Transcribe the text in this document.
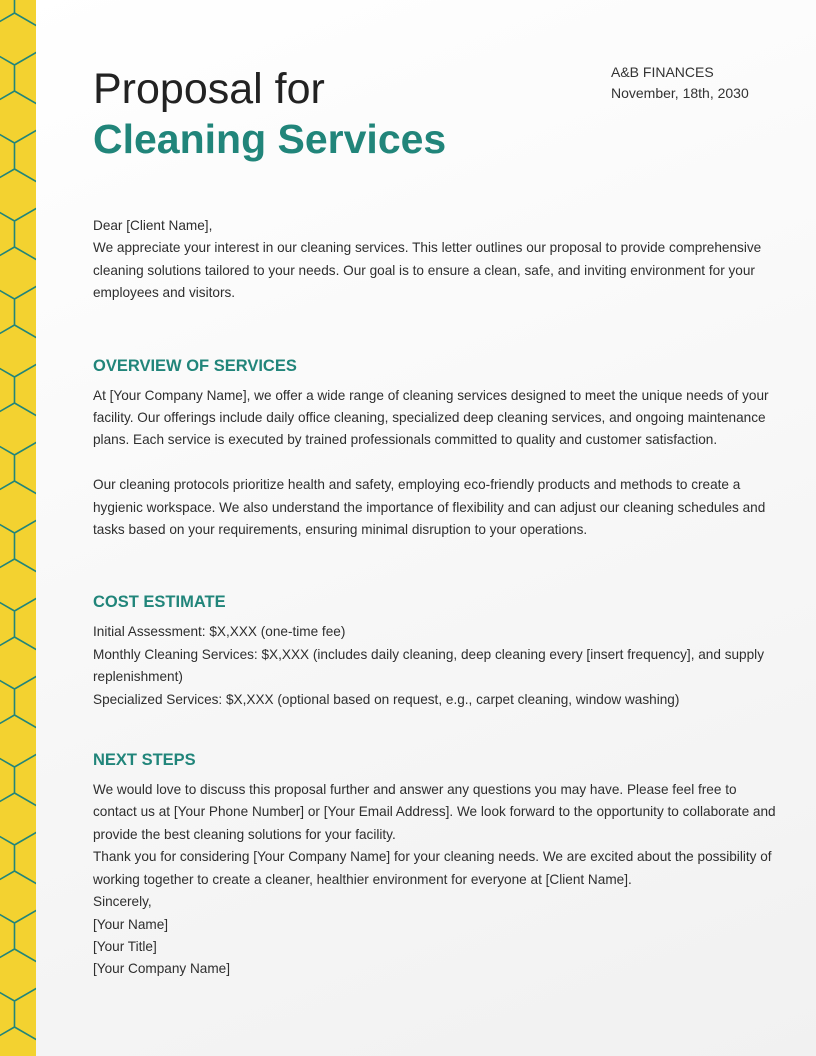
A&B FINANCES
November, 18th, 2030
Proposal for
Cleaning Services

Dear [Client Name],

We appreciate your interest in our cleaning services. This letter outlines our proposal to provide comprehensive cleaning solutions tailored to your needs. Our goal is to ensure a clean, safe, and inviting environment for your employees and visitors.

OVERVIEW OF SERVICES

At [Your Company Name], we offer a wide range of cleaning services designed to meet the unique needs of your facility. Our offerings include daily office cleaning, specialized deep cleaning services, and ongoing maintenance plans. Each service is executed by trained professionals committed to quality and customer satisfaction.

Our cleaning protocols prioritize health and safety, employing eco-friendly products and methods to create a hygienic workspace. We also understand the importance of flexibility and can adjust our cleaning schedules and tasks based on your requirements, ensuring minimal disruption to your operations.

COST ESTIMATE

Initial Assessment: $X,XXX (one-time fee)

Monthly Cleaning Services: $X,XXX (includes daily cleaning, deep cleaning every [insert frequency], and supply replenishment)

Specialized Services: $X,XXX (optional based on request, e.g., carpet cleaning, window washing)

NEXT STEPS

We would love to discuss this proposal further and answer any questions you may have. Please feel free to contact us at [Your Phone Number] or [Your Email Address]. We look forward to the opportunity to collaborate and provide the best cleaning solutions for your facility.

Thank you for considering [Your Company Name] for your cleaning needs. We are excited about the possibility of working together to create a cleaner, healthier environment for everyone at [Client Name].

Sincerely,

[Your Name]

[Your Title]

[Your Company Name]
